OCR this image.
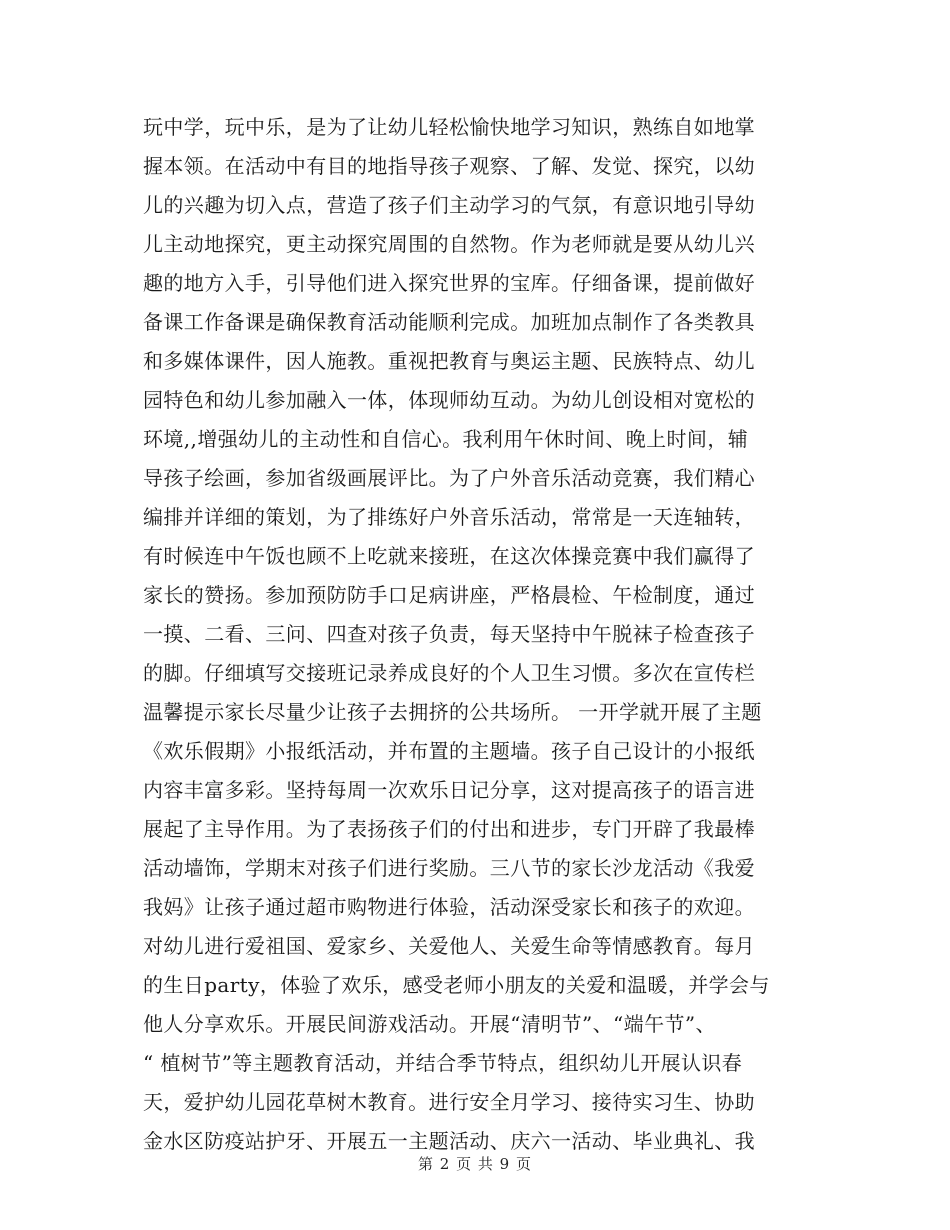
玩中学，玩中乐，是为了让幼儿轻松愉快地学习知识，熟练自如地掌
握本领。在活动中有目的地指导孩子观察、了解、发觉、探究，以幼
儿的兴趣为切入点，营造了孩子们主动学习的气氛，有意识地引导幼
儿主动地探究，更主动探究周围的自然物。作为老师就是要从幼儿兴
趣的地方入手，引导他们进入探究世界的宝库。仔细备课，提前做好
备课工作备课是确保教育活动能顺利完成。加班加点制作了各类教具
和多媒体课件，因人施教。重视把教育与奥运主题、民族特点、幼儿
园特色和幼儿参加融入一体，体现师幼互动。为幼儿创设相对宽松的
环境,,增强幼儿的主动性和自信心。我利用午休时间、晚上时间，辅
导孩子绘画，参加省级画展评比。为了户外音乐活动竞赛，我们精心
编排并详细的策划，为了排练好户外音乐活动，常常是一天连轴转，
有时候连中午饭也顾不上吃就来接班，在这次体操竞赛中我们赢得了
家长的赞扬。参加预防防手口足病讲座，严格晨检、午检制度，通过
一摸、二看、三问、四查对孩子负责，每天坚持中午脱袜子检查孩子
的脚。仔细填写交接班记录养成良好的个人卫生习惯。多次在宣传栏
温馨提示家长尽量少让孩子去拥挤的公共场所。 一开学就开展了主题
《欢乐假期》小报纸活动，并布置的主题墙。孩子自己设计的小报纸
内容丰富多彩。坚持每周一次欢乐日记分享，这对提高孩子的语言进
展起了主导作用。为了表扬孩子们的付出和进步，专门开辟了我最棒
活动墙饰，学期末对孩子们进行奖励。三八节的家长沙龙活动《我爱
我妈》让孩子通过超市购物进行体验，活动深受家长和孩子的欢迎。
对幼儿进行爱祖国、爱家乡、关爱他人、关爱生命等情感教育。每月
的生日party，体验了欢乐，感受老师小朋友的关爱和温暖，并学会与
他人分享欢乐。开展民间游戏活动。开展“清明节”、“端午节”、
“ 植树节”等主题教育活动，并结合季节特点，组织幼儿开展认识春
天，爱护幼儿园花草树木教育。进行安全月学习、接待实习生、协助
金水区防疫站护牙、开展五一主题活动、庆六一活动、毕业典礼、我
第 2 页 共 9 页
